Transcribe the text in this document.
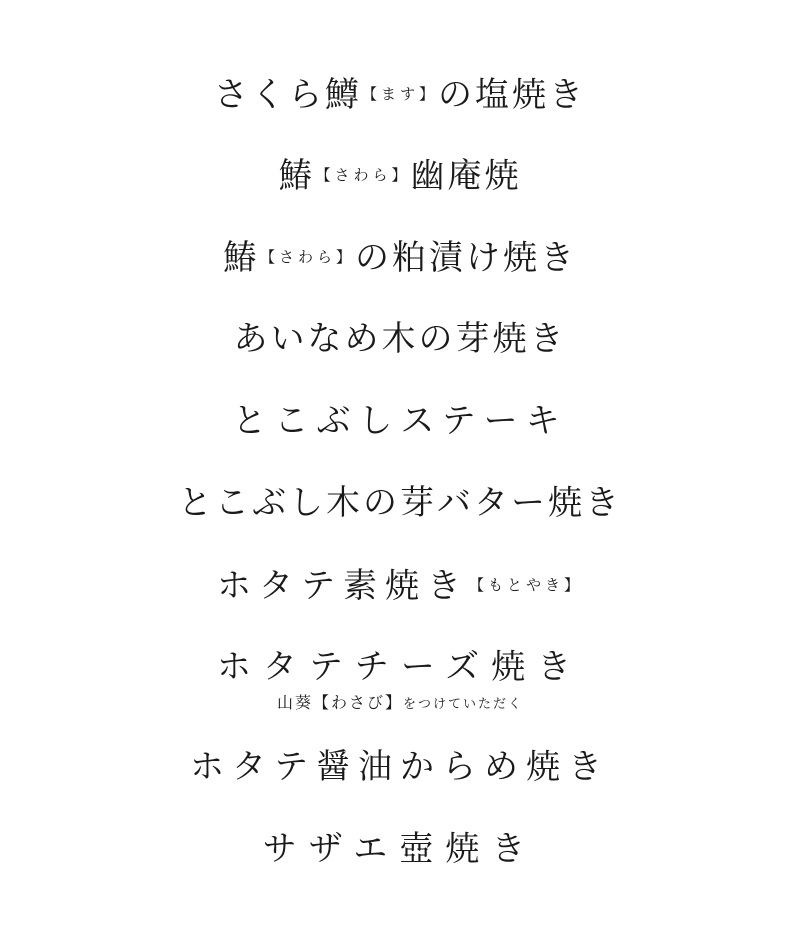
さくら鱒$^{【ます】}$の塩焼き
鰆$^{【さわら】}$幽庵焼
鰆$^{【さわら】}$の粕漬け焼き
あいなめ木の芽焼き
とこぶしステーキ
とこぶし木の芽バター焼き
ホタテ素焼き$^{【もとやき】}$
ホタテチーズ焼き
山葵【わさび】をつけていただく
ホタテ醤油からめ焼き
サザエ壺焼き
